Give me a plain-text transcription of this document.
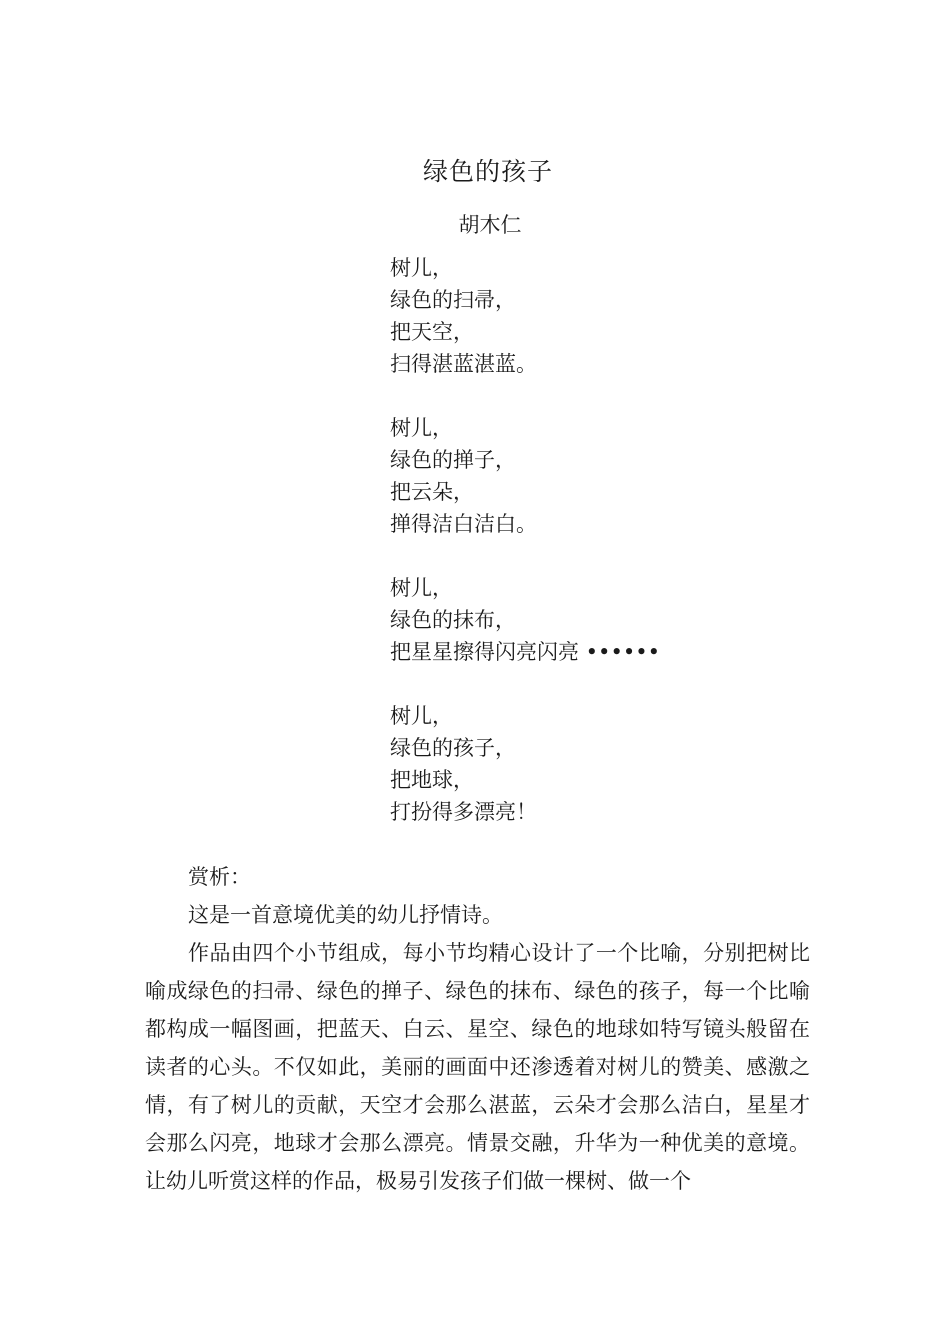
绿色的孩子
胡木仁
树儿，
绿色的扫帚，
把天空，
扫得湛蓝湛蓝。
树儿，
绿色的掸子，
把云朵，
掸得洁白洁白。
树儿，
绿色的抹布，
把星星擦得闪亮闪亮 ••••••
树儿，
绿色的孩子，
把地球，
打扮得多漂亮！

赏析：

这是一首意境优美的幼儿抒情诗。

作品由四个小节组成，每小节均精心设计了一个比喻，分别把树比喻成绿色的扫帚、绿色的掸子、绿色的抹布、绿色的孩子，每一个比喻都构成一幅图画，把蓝天、白云、星空、绿色的地球如特写镜头般留在读者的心头。不仅如此，美丽的画面中还渗透着对树儿的赞美、感激之情，有了树儿的贡献，天空才会那么湛蓝，云朵才会那么洁白，星星才会那么闪亮，地球才会那么漂亮。情景交融，升华为一种优美的意境。让幼儿听赏这样的作品，极易引发孩子们做一棵树、做一个
